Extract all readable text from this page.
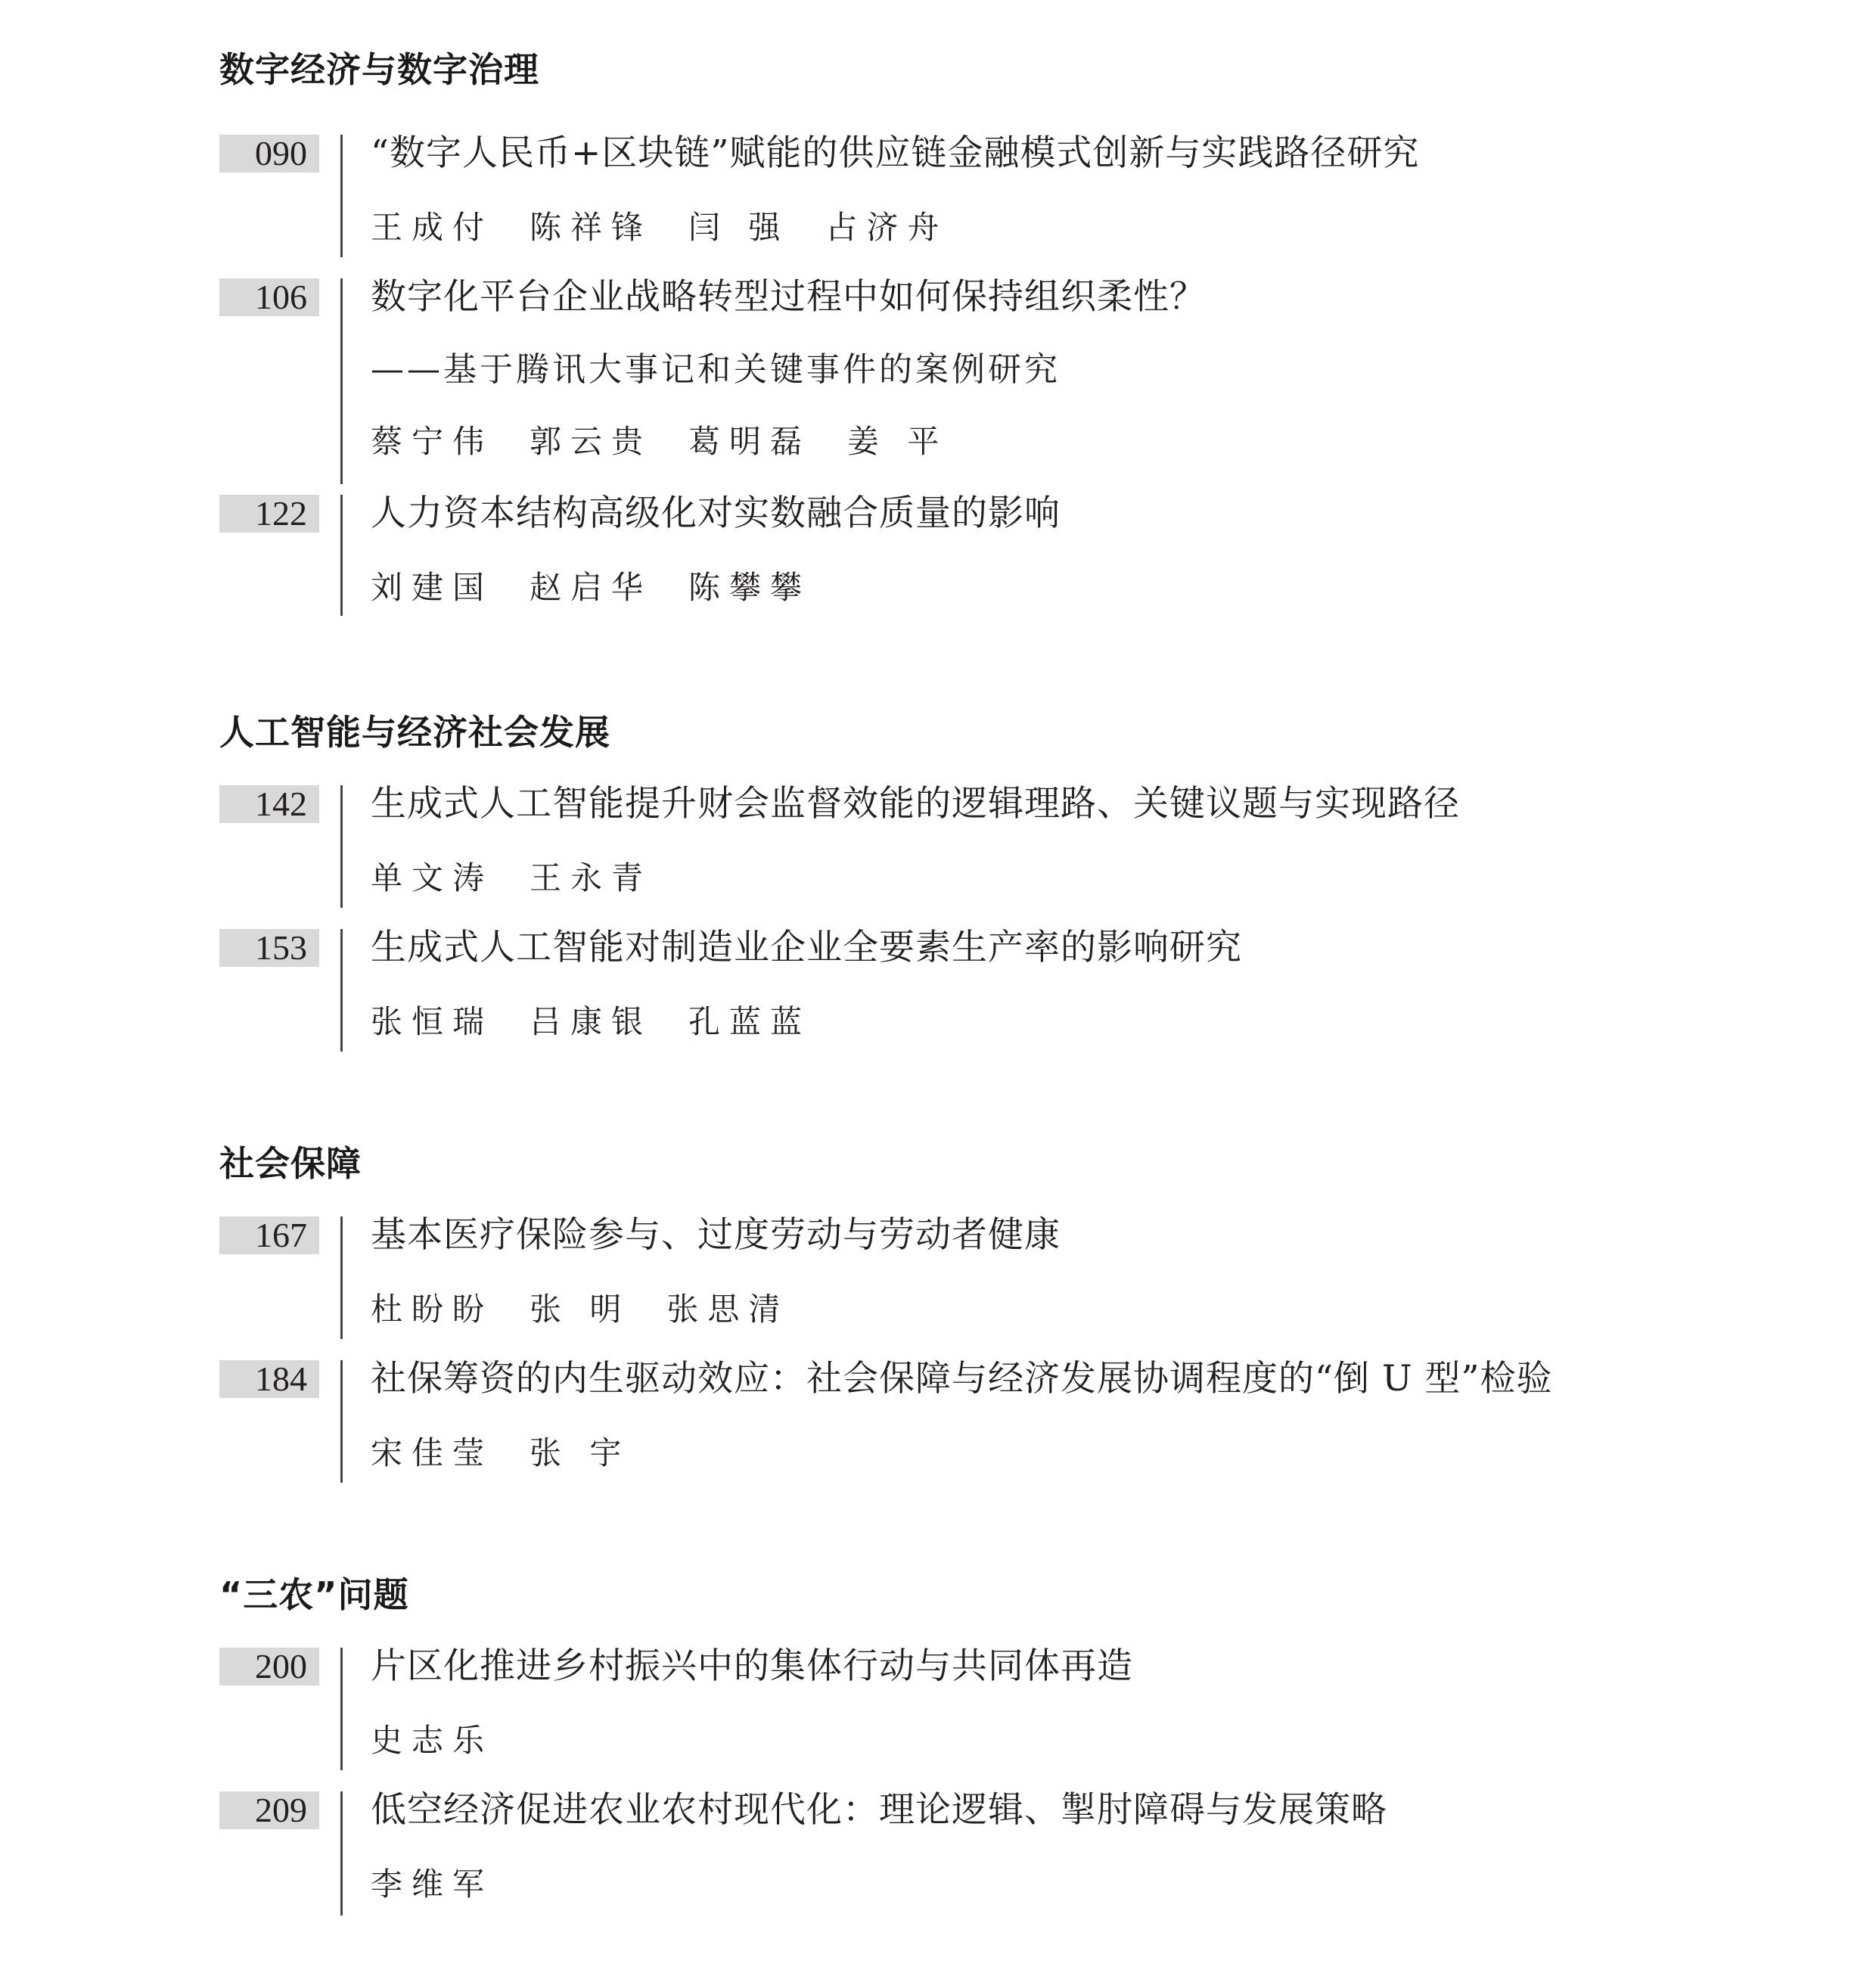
数字经济与数字治理
090	“数字人民币+区块链”赋能的供应链金融模式创新与实践路径研究
王成付 陈祥锋 闫 强 占济舟
106	数字化平台企业战略转型过程中如何保持组织柔性？
——基于腾讯大事记和关键事件的案例研究
蔡宁伟 郭云贵 葛明磊 姜 平
122	人力资本结构高级化对实数融合质量的影响
刘建国 赵启华 陈攀攀
人工智能与经济社会发展
142	生成式人工智能提升财会监督效能的逻辑理路、关键议题与实现路径
单文涛 王永青
153	生成式人工智能对制造业企业全要素生产率的影响研究
张恒瑞 吕康银 孔蓝蓝
社会保障
167	基本医疗保险参与、过度劳动与劳动者健康
杜盼盼 张 明 张思清
184	社保筹资的内生驱动效应：社会保障与经济发展协调程度的“倒 U 型”检验
宋佳莹 张 宇
“三农”问题
200	片区化推进乡村振兴中的集体行动与共同体再造
史志乐
209	低空经济促进农业农村现代化：理论逻辑、掣肘障碍与发展策略
李维军
